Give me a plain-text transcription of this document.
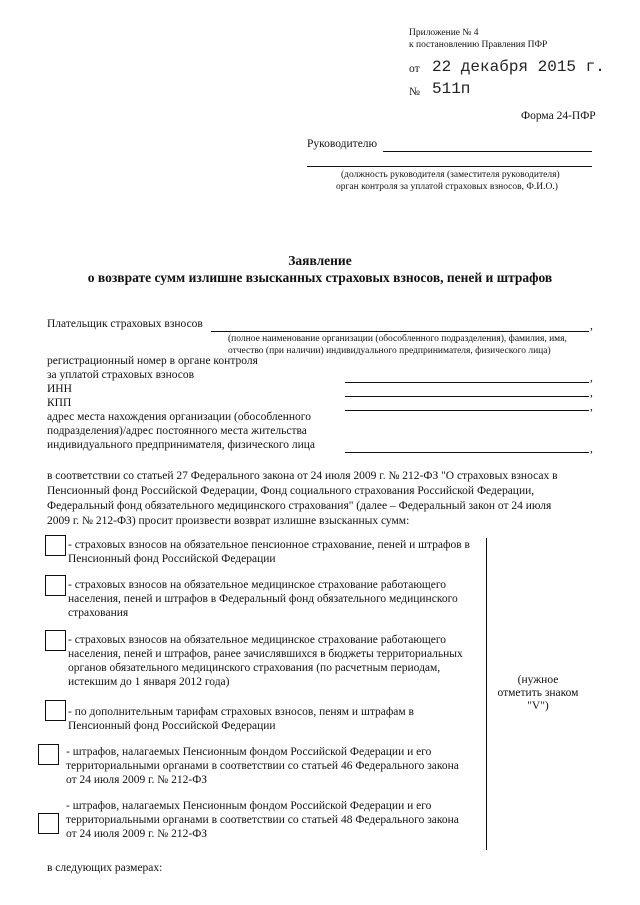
Приложение № 4
к постановлению Правления ПФР
от 22 декабря 2015 г.
№ 511п
Форма 24-ПФР
Руководителю
(должность руководителя (заместителя руководителя)
орган контроля за уплатой страховых взносов, Ф.И.О.)
Заявление
о возврате сумм излишне взысканных страховых взносов, пеней и штрафов
Плательщик страховых взносов	,
(полное наименование организации (обособленного подразделения), фамилия, имя,
отчество (при наличии) индивидуального предпринимателя, физического лица)
регистрационный номер в органе контроля
за уплатой страховых взносов	,
ИНН	,
КПП	,
адрес места нахождения организации (обособленного
подразделения)/адрес постоянного места жительства
индивидуального предпринимателя, физического лица	,
в соответствии со статьей 27 Федерального закона от 24 июля 2009 г. № 212-ФЗ "О страховых взносах в
Пенсионный фонд Российской Федерации, Фонд социального страхования Российской Федерации,
Федеральный фонд обязательного медицинского страхования" (далее – Федеральный закон от 24 июля
2009 г. № 212-ФЗ) просит произвести возврат излишне взысканных сумм:
(нужное
отметить знаком
"V")
- страховых взносов на обязательное пенсионное страхование, пеней и штрафов в
Пенсионный фонд Российской Федерации
- страховых взносов на обязательное медицинское страхование работающего
населения, пеней и штрафов в Федеральный фонд обязательного медицинского
страхования
- страховых взносов на обязательное медицинское страхование работающего
населения, пеней и штрафов, ранее зачислявшихся в бюджеты территориальных
органов обязательного медицинского страхования (по расчетным периодам,
истекшим до 1 января 2012 года)
- по дополнительным тарифам страховых взносов, пеням и штрафам в
Пенсионный фонд Российской Федерации
- штрафов, налагаемых Пенсионным фондом Российской Федерации и его
территориальными органами в соответствии со статьей 46 Федерального закона
от 24 июля 2009 г. № 212-ФЗ
- штрафов, налагаемых Пенсионным фондом Российской Федерации и его
территориальными органами в соответствии со статьей 48 Федерального закона
от 24 июля 2009 г. № 212-ФЗ
в следующих размерах:
